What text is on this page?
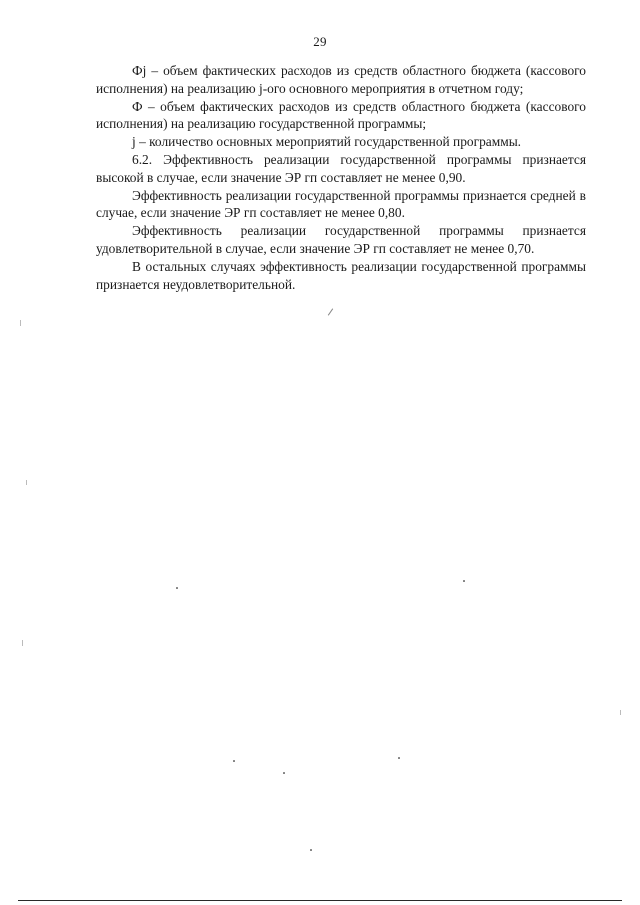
29

Фj – объем фактических расходов из средств областного бюджета (кассового исполнения) на реализацию j-ого основного мероприятия в отчетном году;

Ф – объем фактических расходов из средств областного бюджета (кассового исполнения) на реализацию государственной программы;

j – количество основных мероприятий государственной программы.

6.2. Эффективность реализации государственной программы признается высокой в случае, если значение ЭР гп составляет не менее 0,90.

Эффективность реализации государственной программы признается средней в случае, если значение ЭР гп составляет не менее 0,80.

Эффективность реализации государственной программы признается удовлетворительной в случае, если значение ЭР гп составляет не менее 0,70.

В остальных случаях эффективность реализации государственной программы признается неудовлетворительной.
